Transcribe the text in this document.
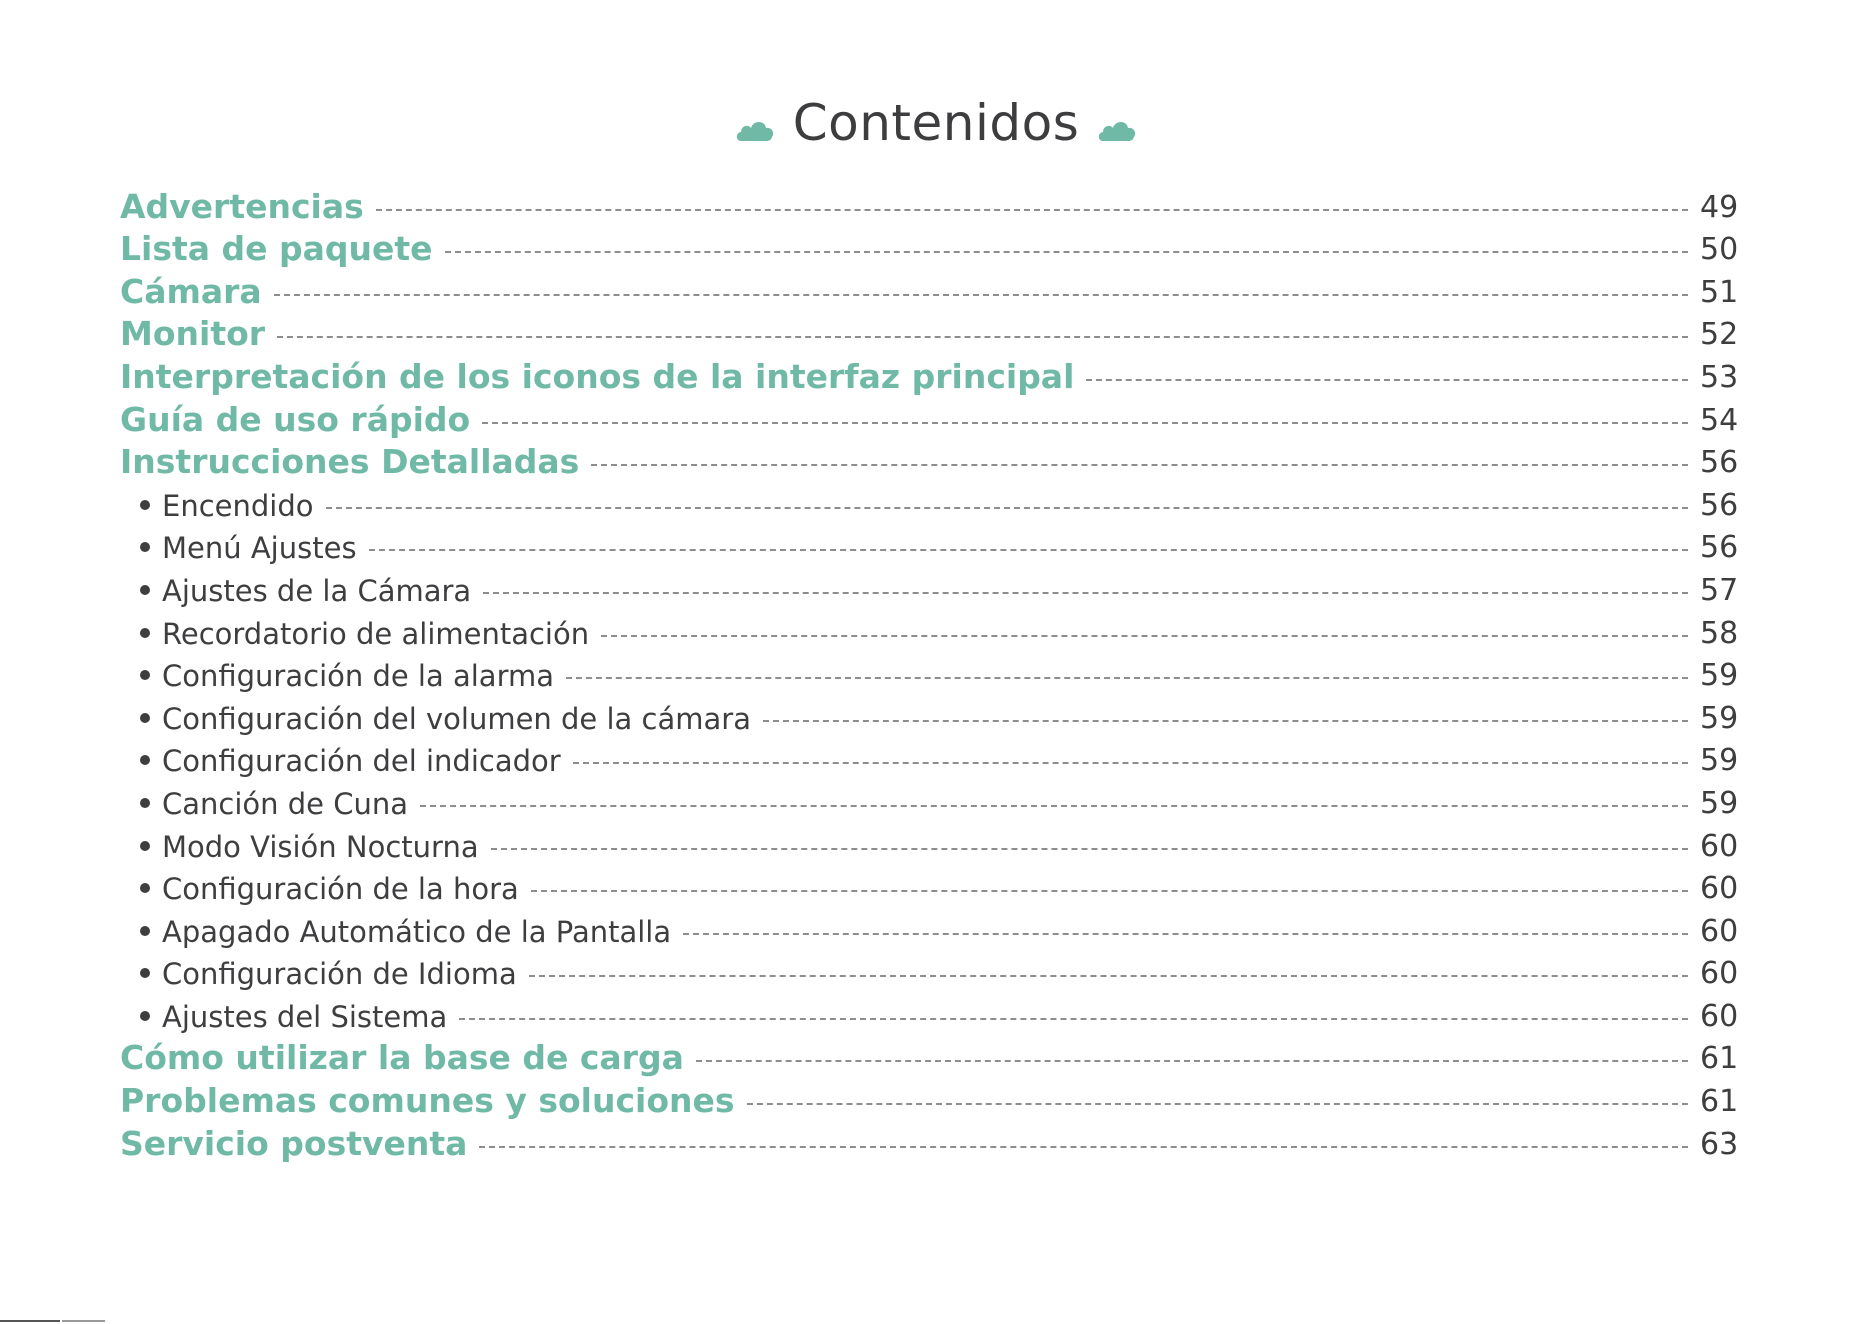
Contenidos
Advertencias	49
Lista de paquete	50
Cámara	51
Monitor	52
Interpretación de los iconos de la interfaz principal	53
Guía de uso rápido	54
Instrucciones Detalladas	56
Encendido	56
Menú Ajustes	56
Ajustes de la Cámara	57
Recordatorio de alimentación	58
Configuración de la alarma	59
Configuración del volumen de la cámara	59
Configuración del indicador	59
Canción de Cuna	59
Modo Visión Nocturna	60
Configuración de la hora	60
Apagado Automático de la Pantalla	60
Configuración de Idioma	60
Ajustes del Sistema	60
Cómo utilizar la base de carga	61
Problemas comunes y soluciones	61
Servicio postventa	63
